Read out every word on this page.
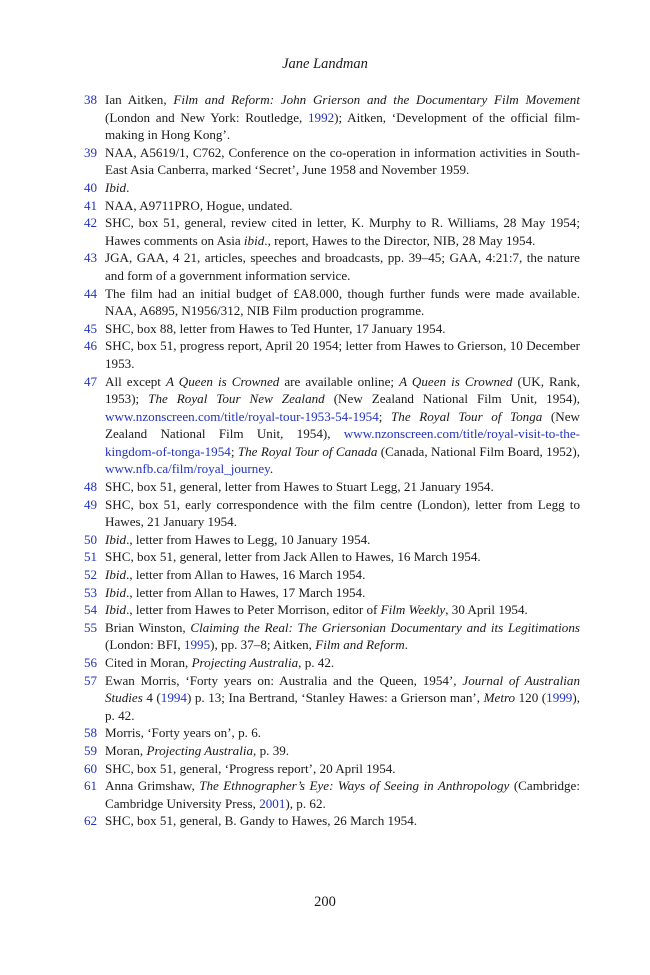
Jane Landman
38 Ian Aitken, Film and Reform: John Grierson and the Documentary Film Movement (London and New York: Routledge, 1992); Aitken, ‘Development of the official film-making in Hong Kong’.
39 NAA, A5619/1, C762, Conference on the co-operation in information activities in South-East Asia Canberra, marked ‘Secret’, June 1958 and November 1959.
40 Ibid.
41 NAA, A9711PRO, Hogue, undated.
42 SHC, box 51, general, review cited in letter, K. Murphy to R. Williams, 28 May 1954; Hawes comments on Asia ibid., report, Hawes to the Director, NIB, 28 May 1954.
43 JGA, GAA, 4 21, articles, speeches and broadcasts, pp. 39–45; GAA, 4:21:7, the nature and form of a government information service.
44 The film had an initial budget of £A8.000, though further funds were made available. NAA, A6895, N1956/312, NIB Film production programme.
45 SHC, box 88, letter from Hawes to Ted Hunter, 17 January 1954.
46 SHC, box 51, progress report, April 20 1954; letter from Hawes to Grierson, 10 December 1953.
47 All except A Queen is Crowned are available online; A Queen is Crowned (UK, Rank, 1953); The Royal Tour New Zealand (New Zealand National Film Unit, 1954), www.nzonscreen.com/title/royal-tour-1953-54-1954; The Royal Tour of Tonga (New Zealand National Film Unit, 1954), www.nzonscreen.com/title/royal-visit-to-the-kingdom-of-tonga-1954; The Royal Tour of Canada (Canada, National Film Board, 1952), www.nfb.ca/film/royal_journey.
48 SHC, box 51, general, letter from Hawes to Stuart Legg, 21 January 1954.
49 SHC, box 51, early correspondence with the film centre (London), letter from Legg to Hawes, 21 January 1954.
50 Ibid., letter from Hawes to Legg, 10 January 1954.
51 SHC, box 51, general, letter from Jack Allen to Hawes, 16 March 1954.
52 Ibid., letter from Allan to Hawes, 16 March 1954.
53 Ibid., letter from Allan to Hawes, 17 March 1954.
54 Ibid., letter from Hawes to Peter Morrison, editor of Film Weekly, 30 April 1954.
55 Brian Winston, Claiming the Real: The Griersonian Documentary and its Legitimations (London: BFI, 1995), pp. 37–8; Aitken, Film and Reform.
56 Cited in Moran, Projecting Australia, p. 42.
57 Ewan Morris, ‘Forty years on: Australia and the Queen, 1954’, Journal of Australian Studies 4 (1994) p. 13; Ina Bertrand, ‘Stanley Hawes: a Grierson man’, Metro 120 (1999), p. 42.
58 Morris, ‘Forty years on’, p. 6.
59 Moran, Projecting Australia, p. 39.
60 SHC, box 51, general, ‘Progress report’, 20 April 1954.
61 Anna Grimshaw, The Ethnographer’s Eye: Ways of Seeing in Anthropology (Cambridge: Cambridge University Press, 2001), p. 62.
62 SHC, box 51, general, B. Gandy to Hawes, 26 March 1954.
200
